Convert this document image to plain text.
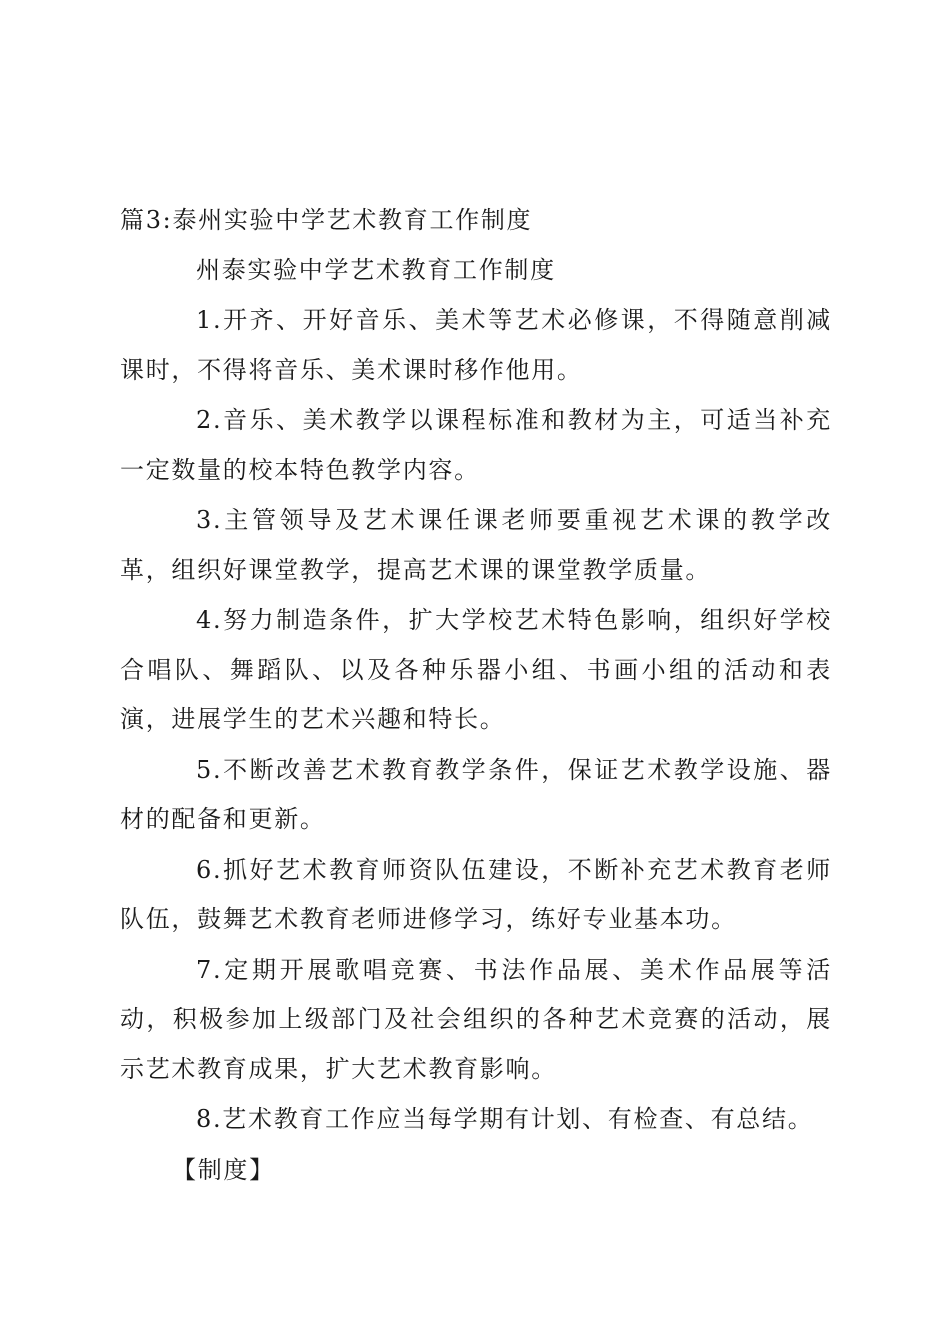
篇3:泰州实验中学艺术教育工作制度

州泰实验中学艺术教育工作制度

1.开齐、开好音乐、美术等艺术必修课，不得随意削减课时，不得将音乐、美术课时移作他用。

2.音乐、美术教学以课程标准和教材为主，可适当补充一定数量的校本特色教学内容。

3.主管领导及艺术课任课老师要重视艺术课的教学改革，组织好课堂教学，提高艺术课的课堂教学质量。

4.努力制造条件，扩大学校艺术特色影响，组织好学校合唱队、舞蹈队、以及各种乐器小组、书画小组的活动和表演，进展学生的艺术兴趣和特长。

5.不断改善艺术教育教学条件，保证艺术教学设施、器材的配备和更新。

6.抓好艺术教育师资队伍建设，不断补充艺术教育老师队伍，鼓舞艺术教育老师进修学习，练好专业基本功。

7.定期开展歌唱竞赛、书法作品展、美术作品展等活动，积极参加上级部门及社会组织的各种艺术竞赛的活动，展示艺术教育成果，扩大艺术教育影响。

8.艺术教育工作应当每学期有计划、有检查、有总结。

【制度】
